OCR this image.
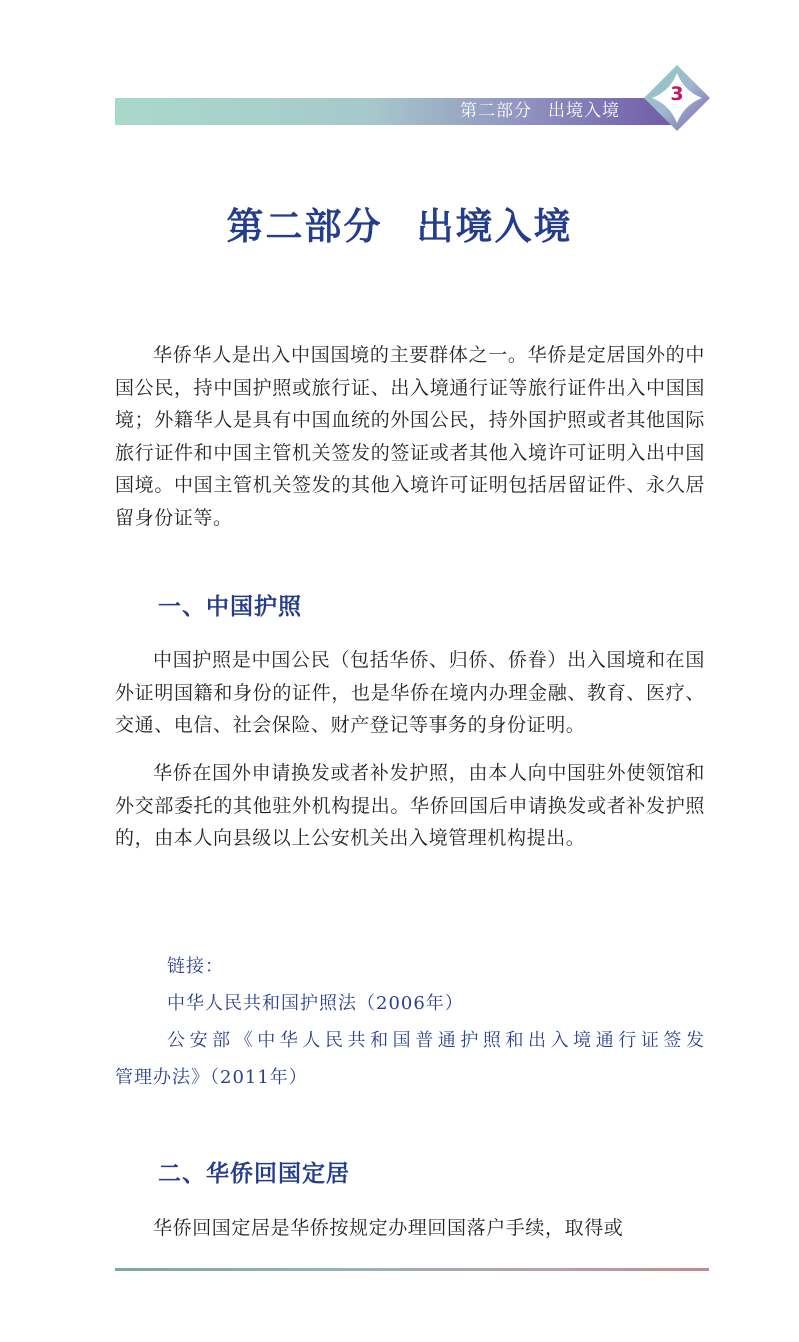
第二部分 出境入境
3
第二部分 出境入境

华侨华人是出入中国国境的主要群体之一。华侨是定居国外的中国公民，持中国护照或旅行证、出入境通行证等旅行证件出入中国国境；外籍华人是具有中国血统的外国公民，持外国护照或者其他国际旅行证件和中国主管机关签发的签证或者其他入境许可证明入出中国国境。中国主管机关签发的其他入境许可证明包括居留证件、永久居留身份证等。

一、中国护照

中国护照是中国公民（包括华侨、归侨、侨眷）出入国境和在国外证明国籍和身份的证件，也是华侨在境内办理金融、教育、医疗、交通、电信、社会保险、财产登记等事务的身份证明。

华侨在国外申请换发或者补发护照，由本人向中国驻外使领馆和外交部委托的其他驻外机构提出。华侨回国后申请换发或者补发护照的，由本人向县级以上公安机关出入境管理机构提出。

链接：
中华人民共和国护照法（2006年）
公安部《中华人民共和国普通护照和出入境通行证签发
管理办法》（2011年）
二、华侨回国定居

华侨回国定居是华侨按规定办理回国落户手续，取得或
